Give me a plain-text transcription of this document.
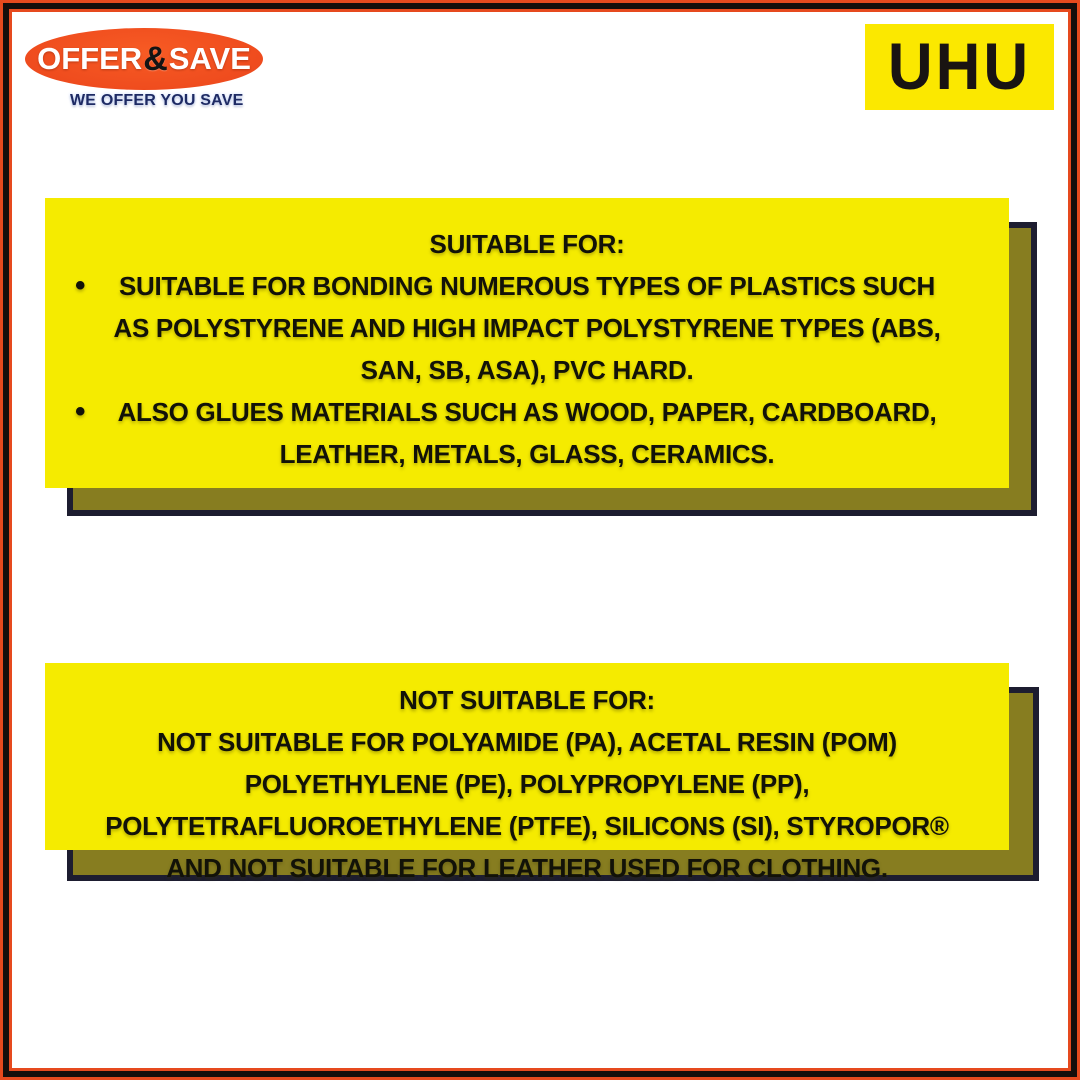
OFFER & SAVE
WE OFFER YOU SAVE	UHU
SUITABLE FOR:
•	SUITABLE FOR BONDING NUMEROUS TYPES OF PLASTICS SUCH AS POLYSTYRENE AND HIGH IMPACT POLYSTYRENE TYPES (ABS, SAN, SB, ASA), PVC HARD.
•	ALSO GLUES MATERIALS SUCH AS WOOD, PAPER, CARDBOARD, LEATHER, METALS, GLASS, CERAMICS.
NOT SUITABLE FOR:
NOT SUITABLE FOR POLYAMIDE (PA), ACETAL RESIN (POM) POLYETHYLENE (PE), POLYPROPYLENE (PP), POLYTETRAFLUOROETHYLENE (PTFE), SILICONS (SI), STYROPOR® AND NOT SUITABLE FOR LEATHER USED FOR CLOTHING.
